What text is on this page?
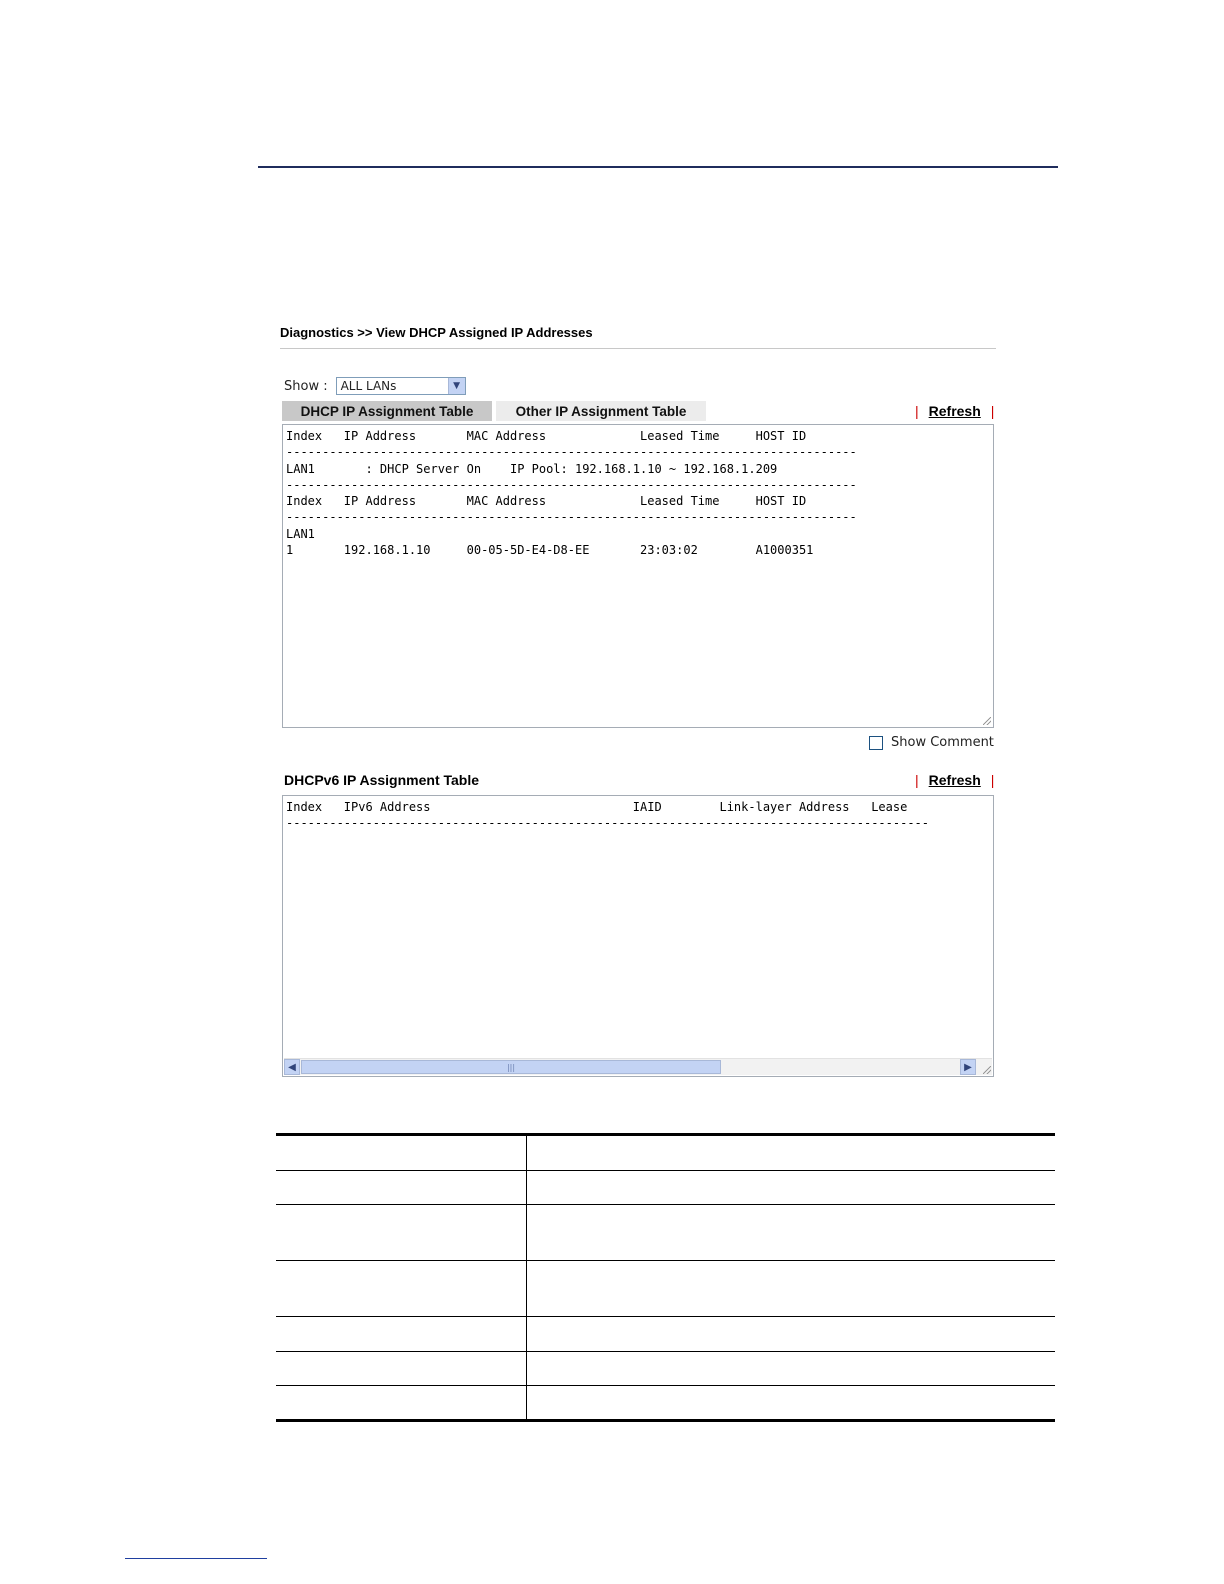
Diagnostics >> View DHCP Assigned IP Addresses
Show : ALL LANs	▼
DHCP IP Assignment Table	Other IP Assignment Table	| Refresh |
Index   IP Address       MAC Address             Leased Time     HOST ID
-------------------------------------------------------------------------------
LAN1       : DHCP Server On    IP Pool: 192.168.1.10 ~ 192.168.1.209
-------------------------------------------------------------------------------
Index   IP Address       MAC Address             Leased Time     HOST ID
-------------------------------------------------------------------------------
LAN1
1       192.168.1.10     00-05-5D-E4-D8-EE       23:03:02        A1000351
Show Comment
DHCPv6 IP Assignment Table	| Refresh |
Index   IPv6 Address                            IAID        Link-layer Address   Lease
-----------------------------------------------------------------------------------------
◀	|||	▶
